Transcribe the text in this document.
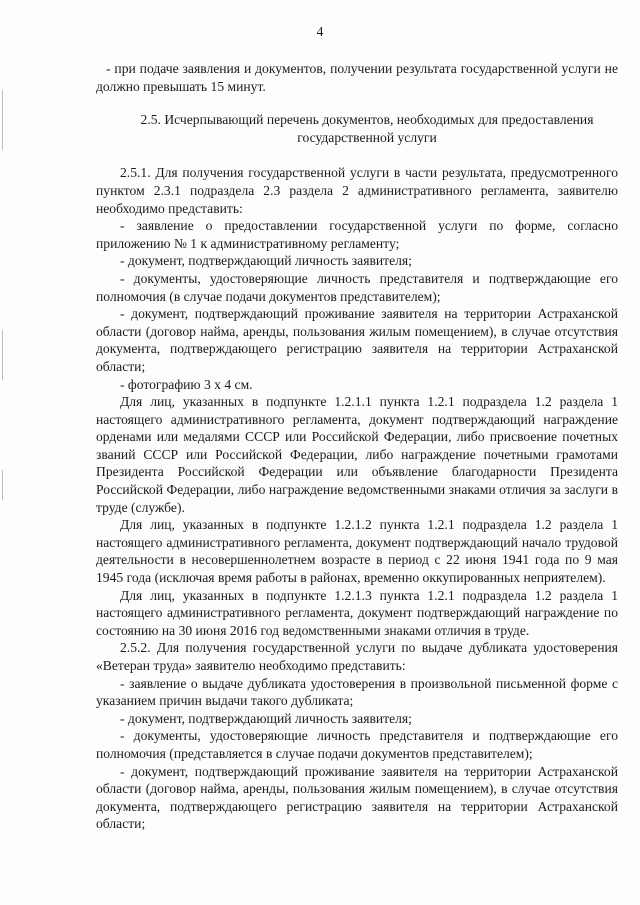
4

- при подаче заявления и документов, получении результата государственной услуги не должно превышать 15 минут.

2.5. Исчерпывающий перечень документов, необходимых для предоставления
государственной услуги

2.5.1. Для получения государственной услуги в части результата, предусмотренного пунктом 2.3.1 подраздела 2.3 раздела 2 административного регламента, заявителю необходимо представить:

- заявление о предоставлении государственной услуги по форме, согласно приложению № 1 к административному регламенту;

- документ, подтверждающий личность заявителя;

- документы, удостоверяющие личность представителя и подтверждающие его полномочия (в случае подачи документов представителем);

- документ, подтверждающий проживание заявителя на территории Астраханской области (договор найма, аренды, пользования жилым помещением), в случае отсутствия документа, подтверждающего регистрацию заявителя на территории Астраханской области;

- фотографию 3 х 4 см.

Для лиц, указанных в подпункте 1.2.1.1 пункта 1.2.1 подраздела 1.2 раздела 1 настоящего административного регламента, документ подтверждающий награждение орденами или медалями СССР или Российской Федерации, либо присвоение почетных званий СССР или Российской Федерации, либо награждение почетными грамотами Президента Российской Федерации или объявление благодарности Президента Российской Федерации, либо награждение ведомственными знаками отличия за заслуги в труде (службе).

Для лиц, указанных в подпункте 1.2.1.2 пункта 1.2.1 подраздела 1.2 раздела 1 настоящего административного регламента, документ подтверждающий начало трудовой деятельности в несовершеннолетнем возрасте в период с 22 июня 1941 года по 9 мая 1945 года (исключая время работы в районах, временно оккупированных неприятелем).

Для лиц, указанных в подпункте 1.2.1.3 пункта 1.2.1 подраздела 1.2 раздела 1 настоящего административного регламента, документ подтверждающий награждение по состоянию на 30 июня 2016 год ведомственными знаками отличия в труде.

2.5.2. Для получения государственной услуги по выдаче дубликата удостоверения «Ветеран труда» заявителю необходимо представить:

- заявление о выдаче дубликата удостоверения в произвольной письменной форме с указанием причин выдачи такого дубликата;

- документ, подтверждающий личность заявителя;

- документы, удостоверяющие личность представителя и подтверждающие его полномочия (представляется в случае подачи документов представителем);

- документ, подтверждающий проживание заявителя на территории Астраханской области (договор найма, аренды, пользования жилым помещением), в случае отсутствия документа, подтверждающего регистрацию заявителя на территории Астраханской области;
